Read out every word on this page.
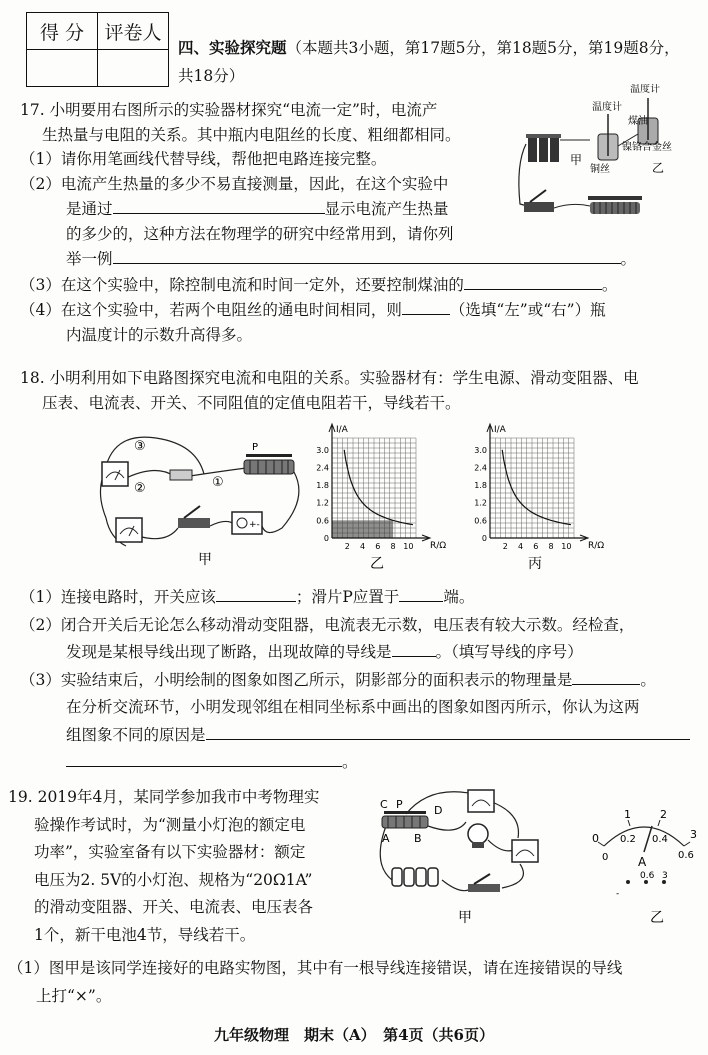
得 分	评卷人

四、实验探究题（本题共3小题，第17题5分，第18题5分，第19题8分，
共18分）
17. 小明要用右图所示的实验器材探究“电流一定”时，电流产
生热量与电阻的关系。其中瓶内电阻丝的长度、粗细都相同。
（1）请你用笔画线代替导线，帮他把电路连接完整。
（2）电流产生热量的多少不易直接测量，因此，在这个实验中
是通过	显示电流产生热量
的多少的，这种方法在物理学的研究中经常用到，请你列
举一例	。
（3）在这个实验中，除控制电流和时间一定外，还要控制煤油的	。
（4）在这个实验中，若两个电阻丝的通电时间相同，则	（选填“左”或“右”）瓶
内温度计的示数升高得多。
温度计
温度计
煤油
镍铬合金丝
铜丝
甲
乙
18. 小明利用如下电路图探究电流和电阻的关系。实验器材有：学生电源、滑动变阻器、电
压表、电流表、开关、不同阻值的定值电阻若干，导线若干。
+-
③
②	①
P
甲
3.0
2.4
1.8
1.2
0.6
0
2 4 6 8 10
I/A
R/Ω
乙
3.0
2.4
1.8
1.2
0.6
0
2 4 6 8 10
I/A
R/Ω
丙
（1）连接电路时，开关应该	；滑片P应置于	端。
（2）闭合开关后无论怎么移动滑动变阻器，电流表无示数，电压表有较大示数。经检查，
发现是某根导线出现了断路，出现故障的导线是	。（填写导线的序号）
（3）实验结束后，小明绘制的图象如图乙所示，阴影部分的面积表示的物理量是	。
在分析交流环节，小明发现邻组在相同坐标系中画出的图象如图丙所示，你认为这两
组图象不同的原因是
。
19. 2019年4月，某同学参加我市中考物理实
验操作考试时，为“测量小灯泡的额定电
功率”，实验室备有以下实验器材：额定
电压为2. 5V的小灯泡、规格为“20Ω1A”
的滑动变阻器、开关、电流表、电压表各
1个，新干电池4节，导线若干。
（1）图甲是该同学连接好的电路实物图，其中有一根导线连接错误，请在连接错误的导线
上打“×”。
C P	D
A B
甲
0
1	2
3
0
0.2 0.4
0.6
A
-
0.6 3
乙
九年级物理　期末（A）　第4页（共6页）
